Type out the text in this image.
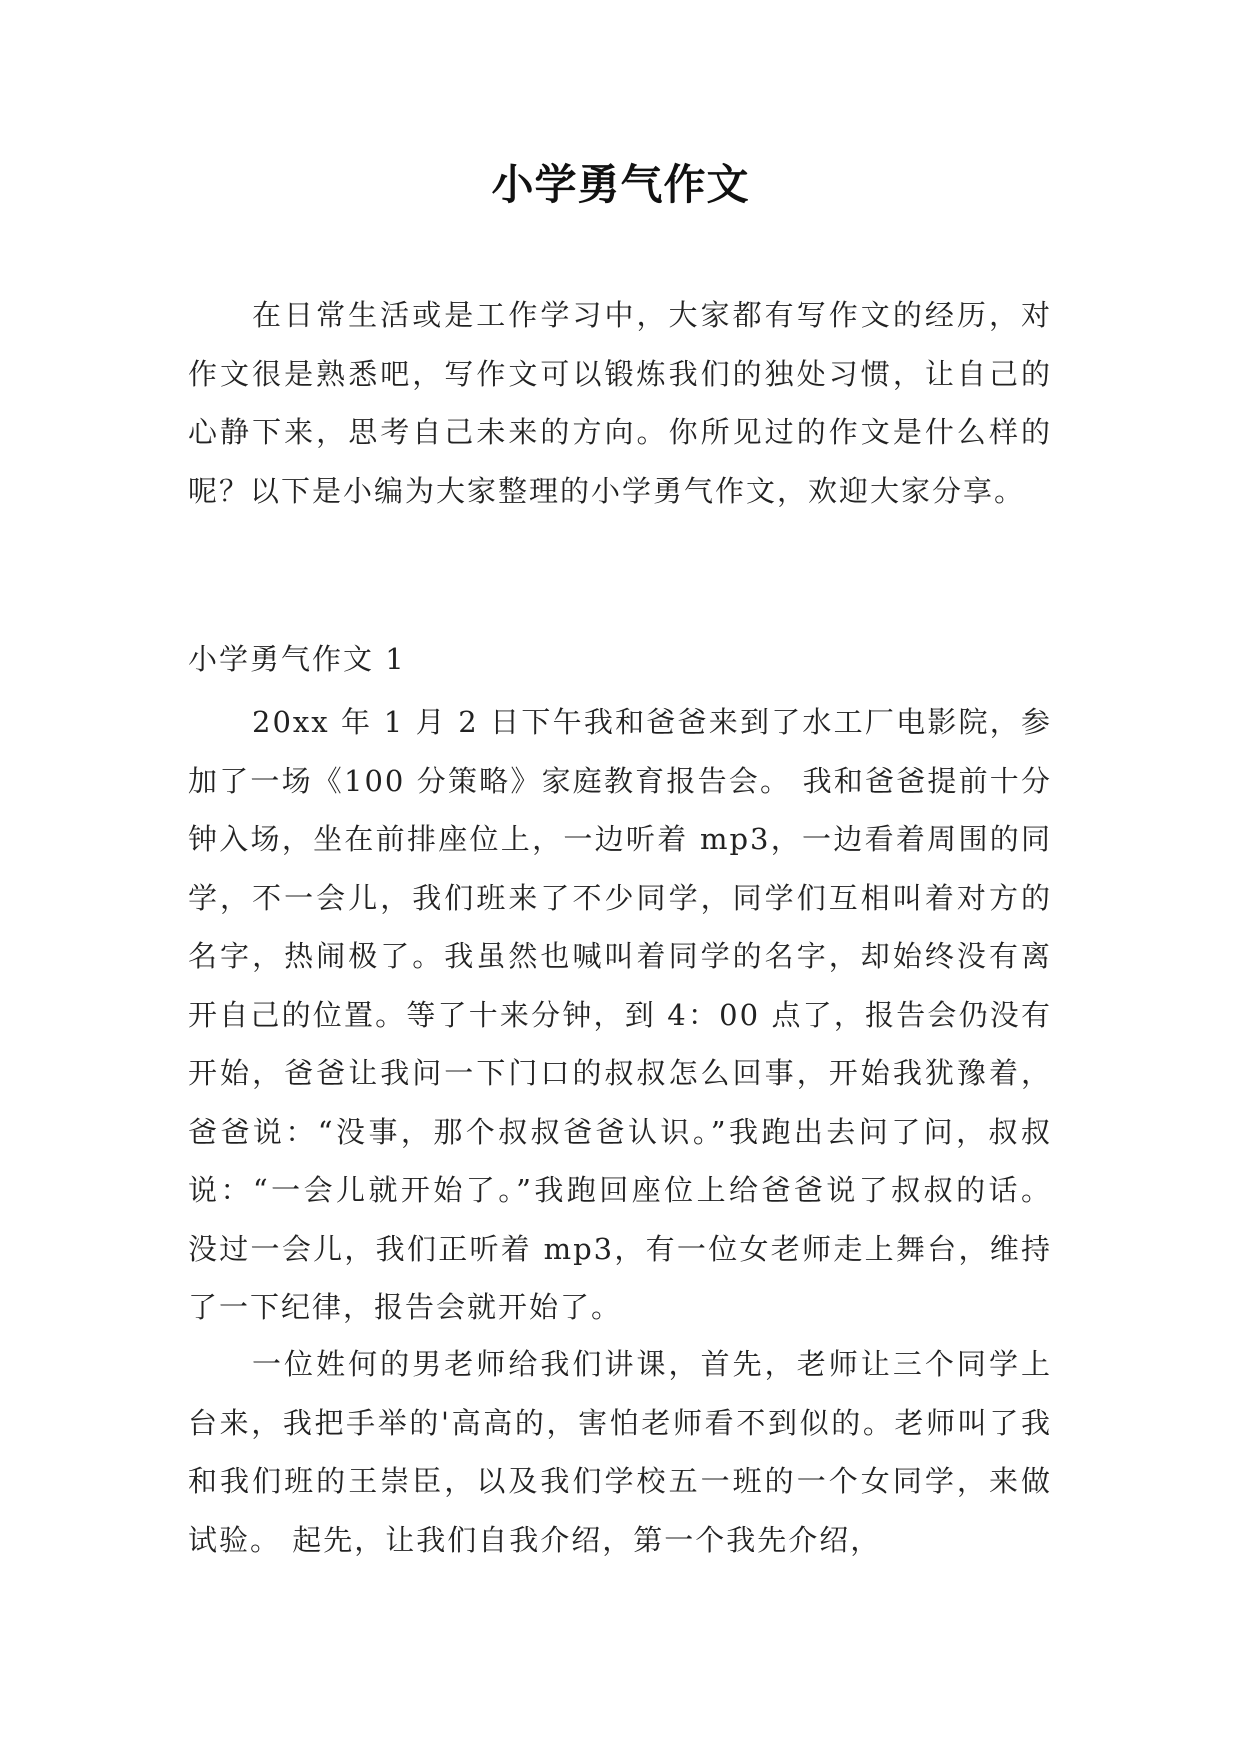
小学勇气作文

在日常生活或是工作学习中，大家都有写作文的经历，对作文很是熟悉吧，写作文可以锻炼我们的独处习惯，让自己的心静下来，思考自己未来的方向。你所见过的作文是什么样的呢？以下是小编为大家整理的小学勇气作文，欢迎大家分享。

小学勇气作文 1

20xx 年 1 月 2 日下午我和爸爸来到了水工厂电影院，参加了一场《100 分策略》家庭教育报告会。 我和爸爸提前十分钟入场，坐在前排座位上，一边听着 mp3，一边看着周围的同学，不一会儿，我们班来了不少同学，同学们互相叫着对方的名字，热闹极了。我虽然也喊叫着同学的名字，却始终没有离开自己的位置。等了十来分钟，到 4：00 点了，报告会仍没有开始，爸爸让我问一下门口的叔叔怎么回事，开始我犹豫着，爸爸说：“没事，那个叔叔爸爸认识。”我跑出去问了问，叔叔说：“一会儿就开始了。”我跑回座位上给爸爸说了叔叔的话。 没过一会儿，我们正听着 mp3，有一位女老师走上舞台，维持了一下纪律，报告会就开始了。

一位姓何的男老师给我们讲课，首先，老师让三个同学上台来，我把手举的'高高的，害怕老师看不到似的。老师叫了我和我们班的王崇臣，以及我们学校五一班的一个女同学，来做试验。 起先，让我们自我介绍，第一个我先介绍，
